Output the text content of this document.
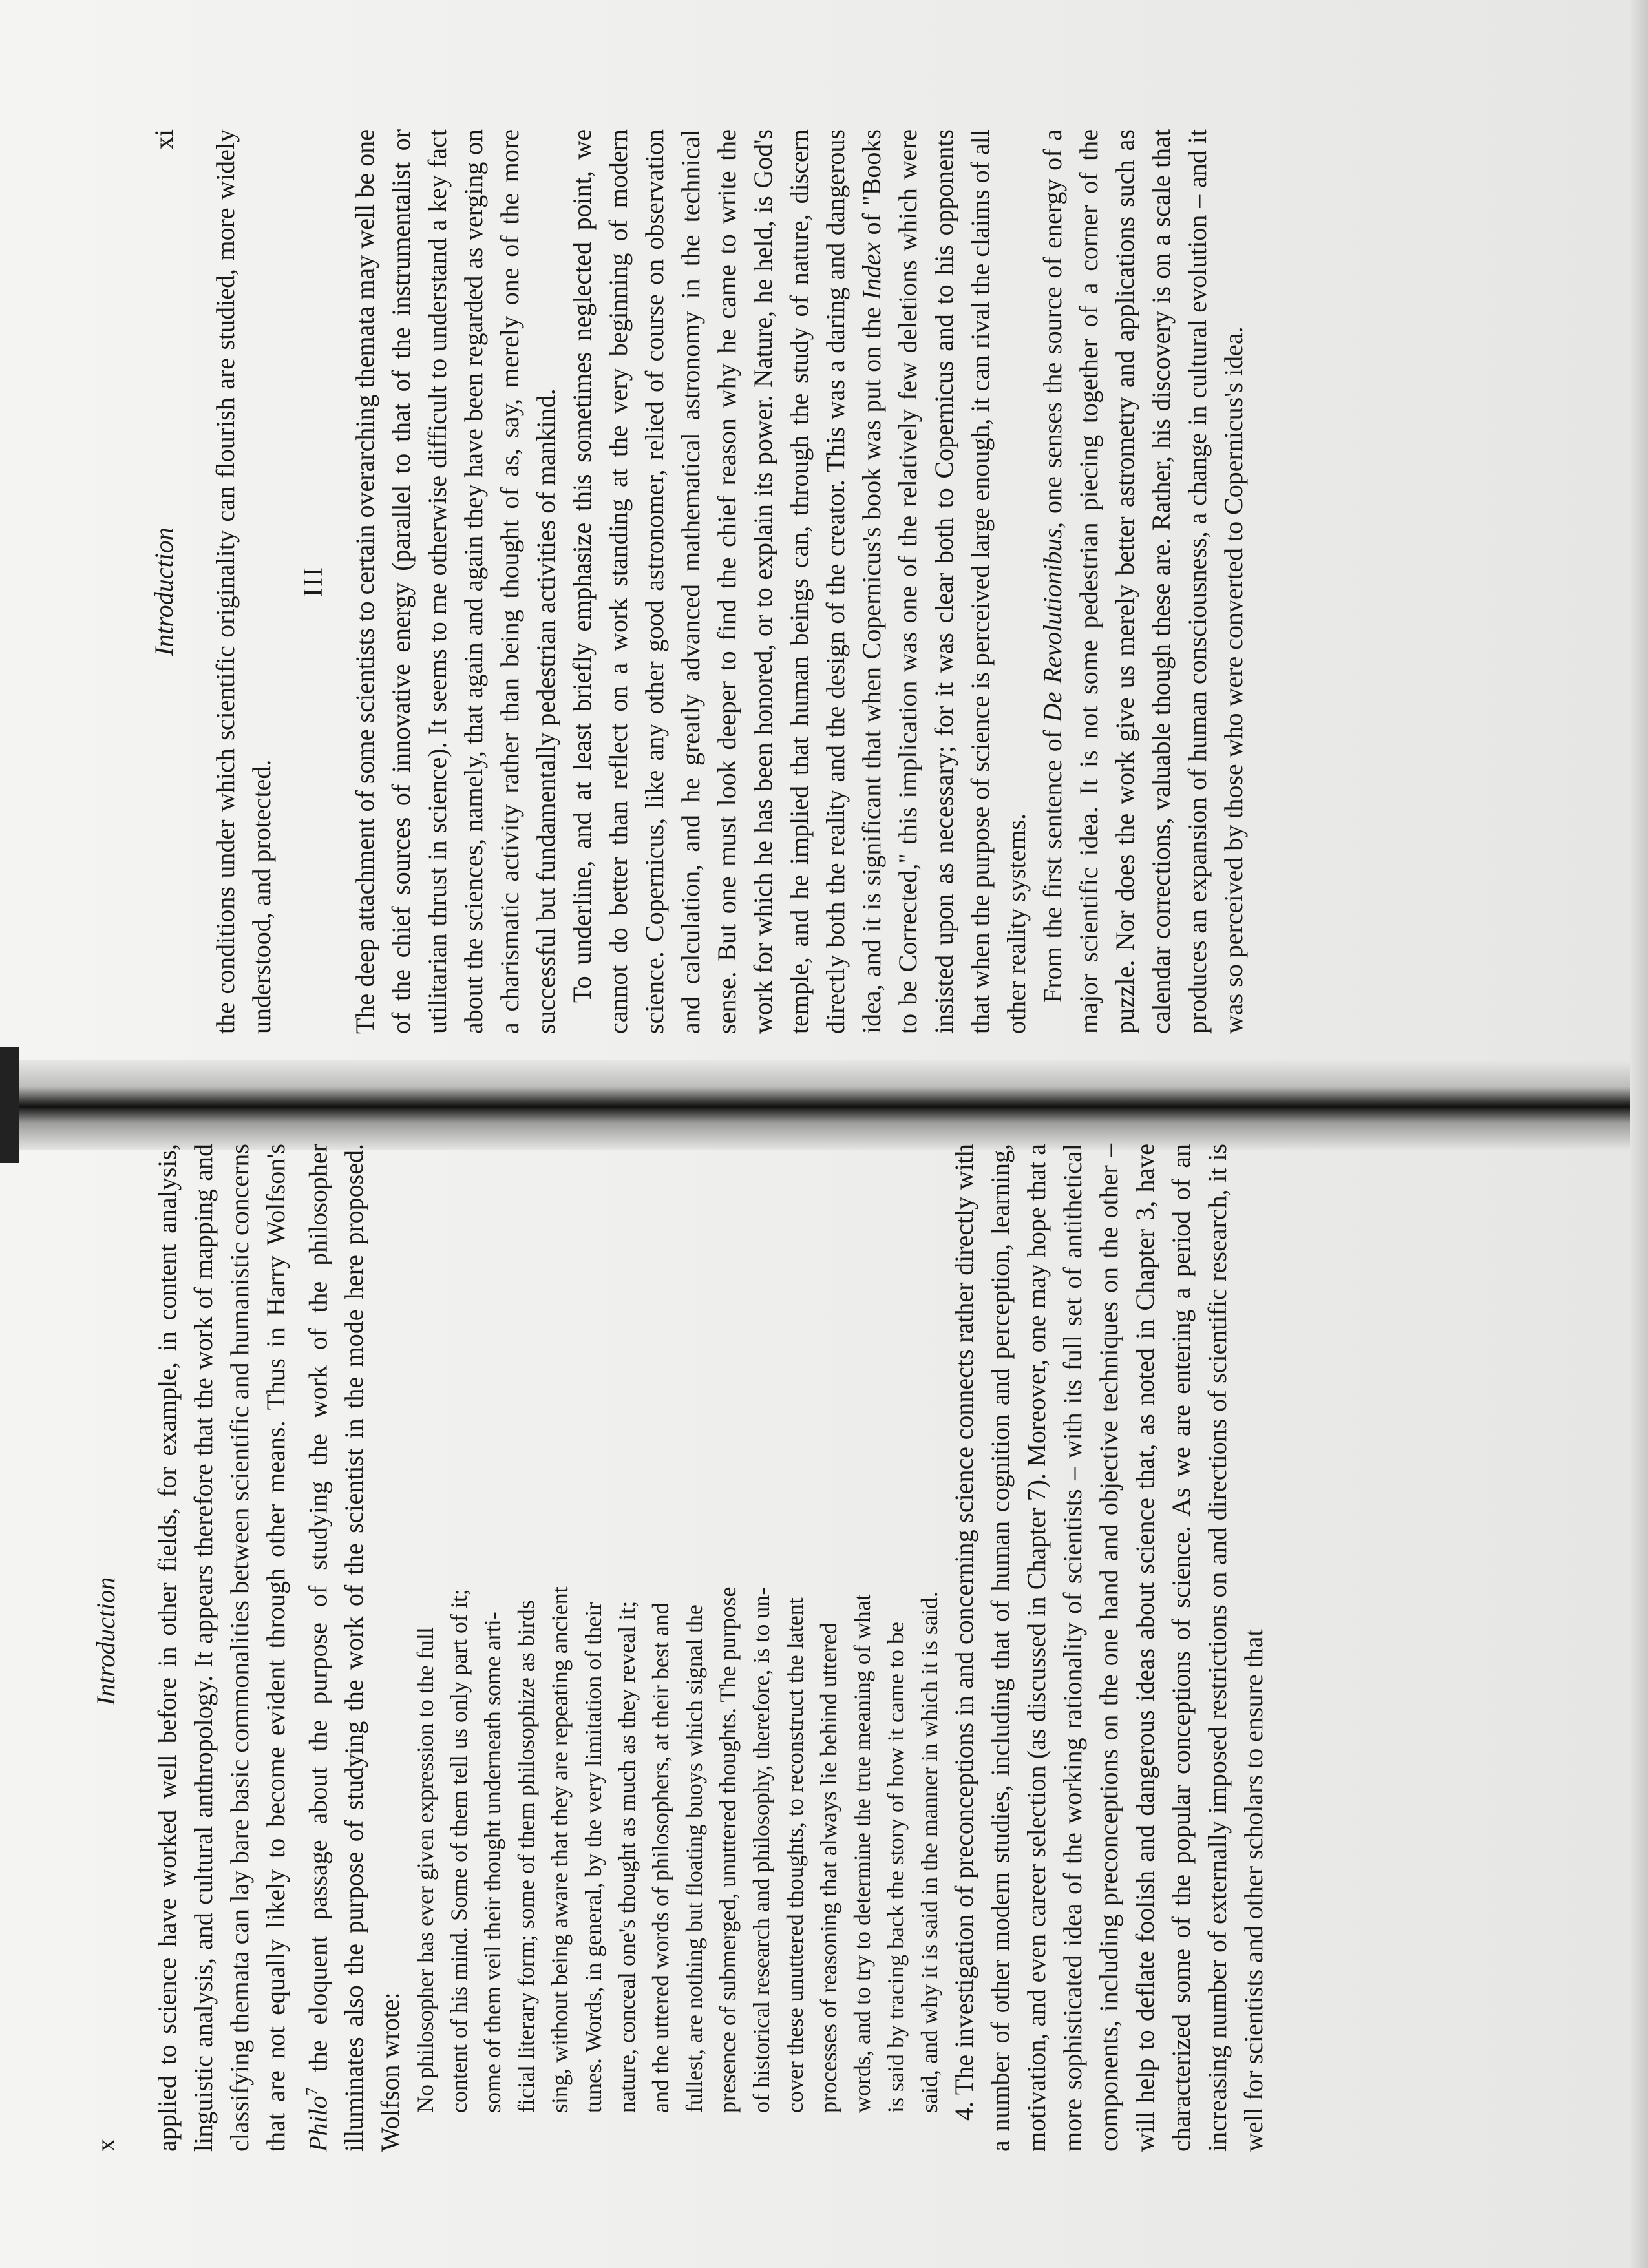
Introduction
xi the conditions under which scientific originality can flourish are studied, more widely understood, and protected.

III The deep attachment of some scientists to certain overarching themata may well be one of the chief sources of innovative energy (parallel to that of the instrumentalist or utilitarian thrust in science). It seems to me otherwise difficult to understand a key fact about the sciences, namely, that again and again they have been regarded as verging on a charismatic activity rather than being thought of as, say, merely one of the more successful but fundamentally pedestrian activities of mankind. To underline, and at least briefly emphasize this sometimes neglected point, we cannot do better than reflect on a work standing at the very beginning of modern science. Copernicus, like any other good astronomer, relied of course on observation and calculation, and he greatly advanced mathematical astronomy in the technical sense. But one must look deeper to find the chief reason why he came to write the work for which he has been honored, or to explain its power. Nature, he held, is God's temple, and he implied that human beings can, through the study of nature, discern directly both the reality and the design of the creator. This was a daring and dangerous idea, and it is significant that when Copernicus's book was put on the Index of "Books to be Corrected," this implication was one of the relatively few deletions which were insisted upon as necessary; for it was clear both to Copernicus and to his opponents that when the purpose of science is perceived large enough, it can rival the claims of all other reality systems. From the first sentence of De Revolutionibus, one senses the source of energy of a major scientific idea. It is not some pedestrian piecing together of a corner of the puzzle. Nor does the work give us merely better astrometry and applications such as calendar corrections, valuable though these are. Rather, his discovery is on a scale that produces an expansion of human consciousness, a change in cultural evolution – and it was so perceived by those who were converted to Copernicus's idea.

x
Introduction applied to science have worked well before in other fields, for example, in content analysis, linguistic analysis, and cultural anthropology. It appears therefore that the work of mapping and classifying themata can lay bare basic commonalities between scientific and humanistic concerns that are not equally likely to become evident through other means. Thus in Harry Wolfson's Philo$^7$ the eloquent passage about the purpose of studying the work of the philosopher illuminates also the purpose of studying the work of the scientist in the mode here proposed. Wolfson wrote: No philosopher has ever given expression to the full content of his mind. Some of them tell us only part of it; some of them veil their thought underneath some arti- ficial literary form; some of them philosophize as birds sing, without being aware that they are repeating ancient tunes. Words, in general, by the very limitation of their nature, conceal one's thought as much as they reveal it; and the uttered words of philosophers, at their best and fullest, are nothing but floating buoys which signal the presence of submerged, unuttered thoughts. The purpose of historical research and philosophy, therefore, is to un- cover these unuttered thoughts, to reconstruct the latent processes of reasoning that always lie behind uttered words, and to try to determine the true meaning of what is said by tracing back the story of how it came to be said, and why it is said in the manner in which it is said. 4. The investigation of preconceptions in and concerning science connects rather directly with a number of other modern studies, including that of human cognition and perception, learning, motivation, and even career selection (as discussed in Chapter 7). Moreover, one may hope that a more sophisticated idea of the working rationality of scientists – with its full set of antithetical components, including preconceptions on the one hand and objective techniques on the other – will help to deflate foolish and dangerous ideas about science that, as noted in Chapter 3, have characterized some of the popular conceptions of science. As we are entering a period of an increasing number of externally imposed restrictions on and directions of scientific research, it is well for scientists and other scholars to ensure that
